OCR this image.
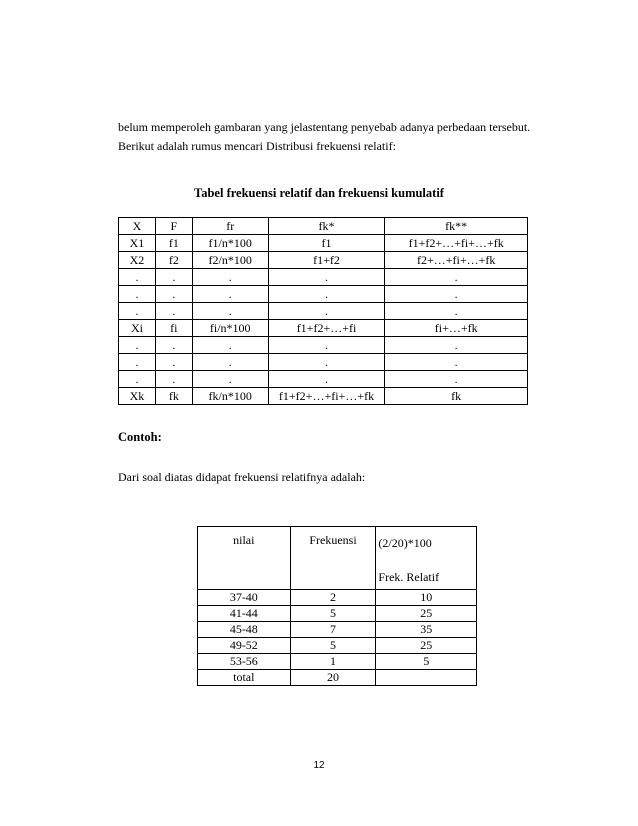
belum memperoleh gambaran yang jelastentang penyebab adanya perbedaan tersebut.

Berikut adalah rumus mencari Distribusi frekuensi relatif:

Tabel frekuensi relatif dan frekuensi kumulatif
X	F	fr	fk*	fk**
X1	f1	f1/n*100	f1	f1+f2+…+fi+…+fk
X2	f2	f2/n*100	f1+f2	f2+…+fi+…+fk
.	.	.	.	.
.	.	.	.	.
.	.	.	.	.
Xi	fi	fi/n*100	f1+f2+…+fi	fi+…+fk
.	.	.	.	.
.	.	.	.	.
.	.	.	.	.
Xk	fk	fk/n*100	f1+f2+…+fi+…+fk	fk
Contoh:
Dari soal diatas didapat frekuensi relatifnya adalah:
nilai	Frekuensi	(2/20)*100
Frek. Relatif

37-40	2	10
41-44	5	25
45-48	7	35
49-52	5	25
53-56	1	5
total	20	
12
